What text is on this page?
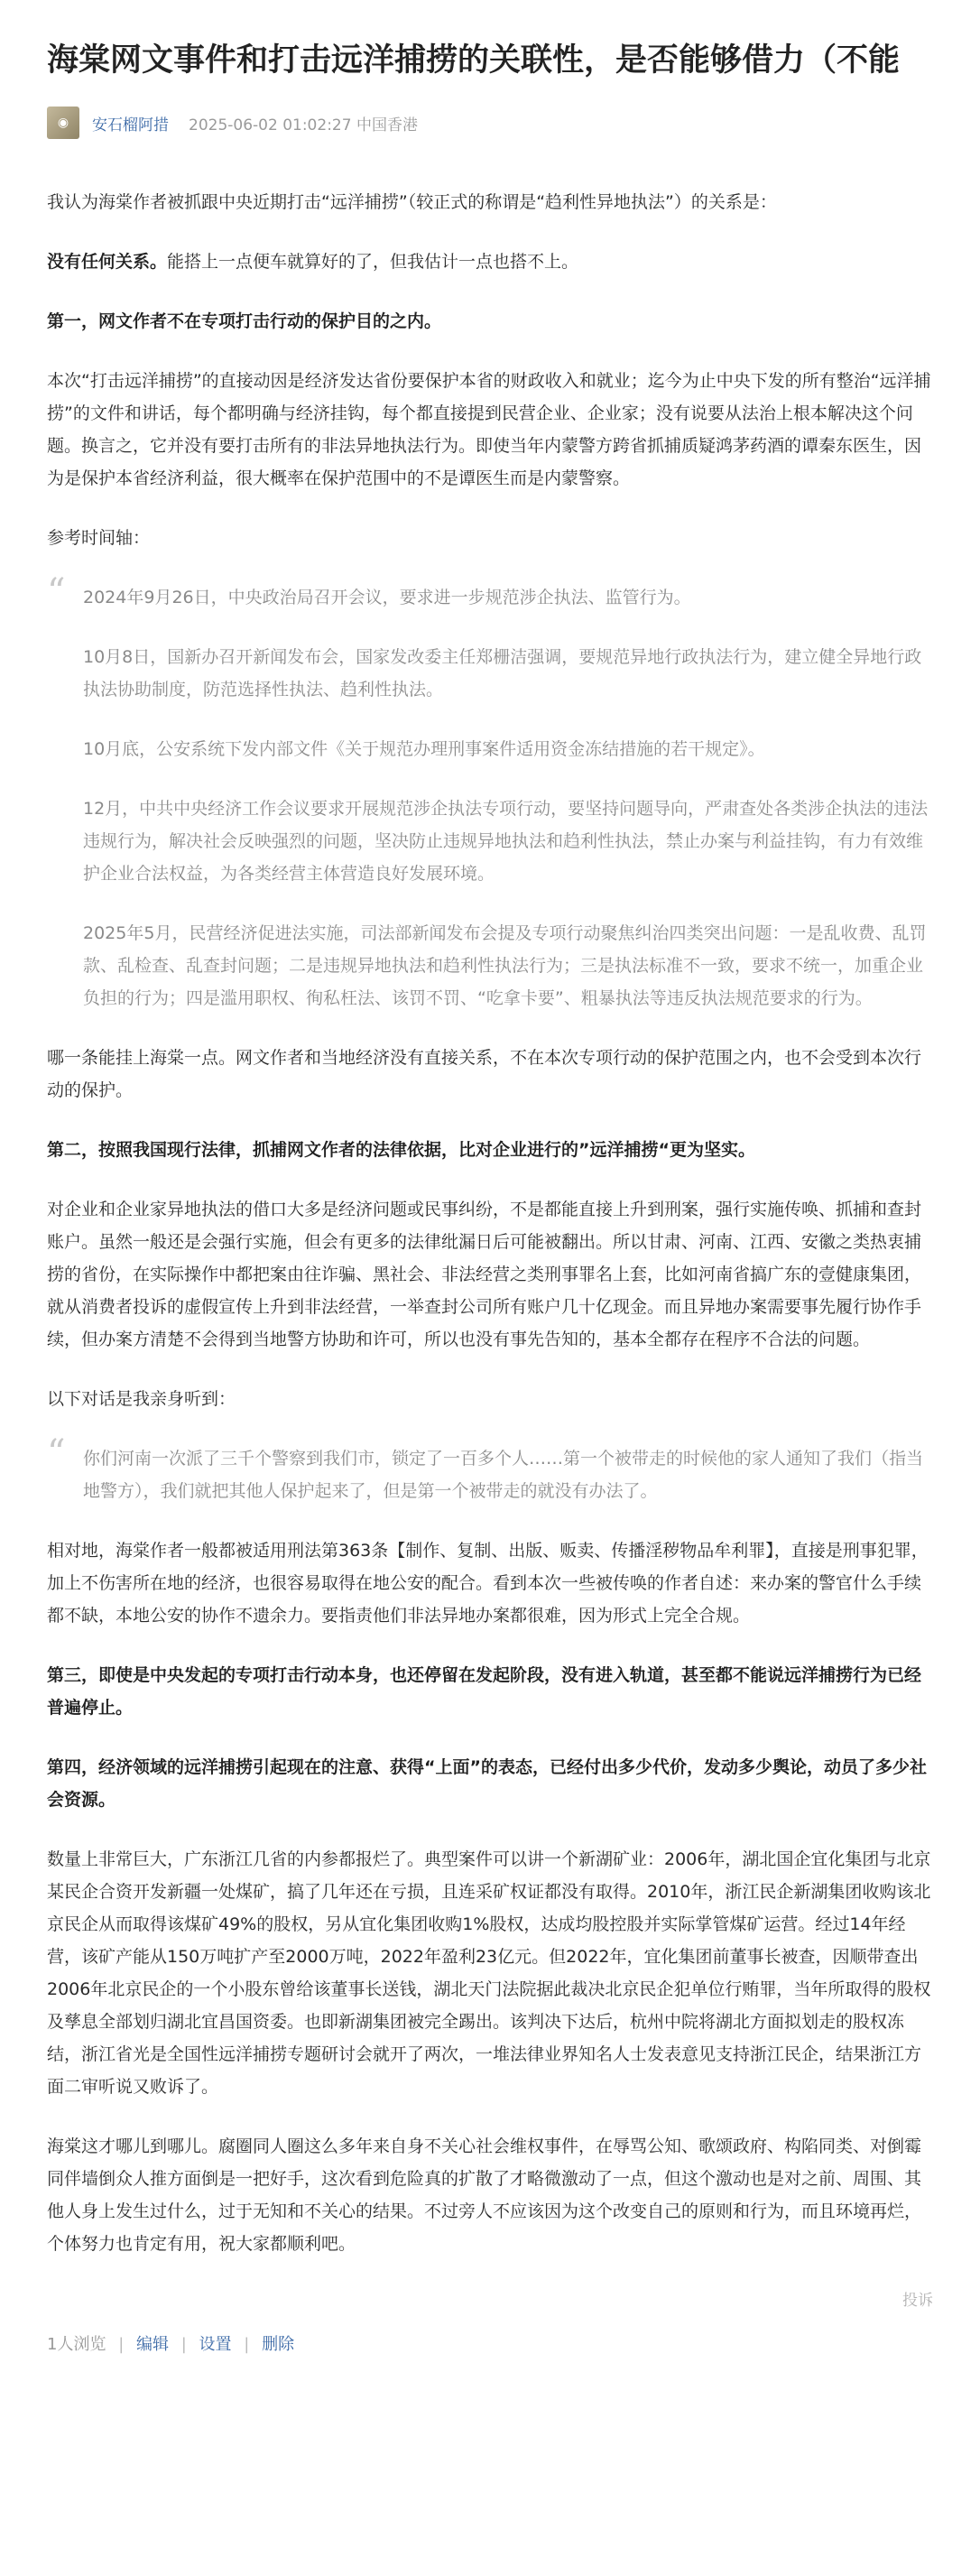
海棠网文事件和打击远洋捕捞的关联性，是否能够借力（不能
◉ 安石榴阿措 2025-06-02 01:02:27 中国香港

我认为海棠作者被抓跟中央近期打击“远洋捕捞”（较正式的称谓是“趋利性异地执法”）的关系是：

没有任何关系。能搭上一点便车就算好的了，但我估计一点也搭不上。

第一，网文作者不在专项打击行动的保护目的之内。

本次“打击远洋捕捞”的直接动因是经济发达省份要保护本省的财政收入和就业；迄今为止中央下发的所有整治“远洋捕捞”的文件和讲话，每个都明确与经济挂钩，每个都直接提到民营企业、企业家；没有说要从法治上根本解决这个问题。换言之，它并没有要打击所有的非法异地执法行为。即使当年内蒙警方跨省抓捕质疑鸿茅药酒的谭秦东医生，因为是保护本省经济利益，很大概率在保护范围中的不是谭医生而是内蒙警察。

参考时间轴：

“ 2024年9月26日，中央政治局召开会议，要求进一步规范涉企执法、监管行为。

10月8日，国新办召开新闻发布会，国家发改委主任郑栅洁强调，要规范异地行政执法行为，建立健全异地行政执法协助制度，防范选择性执法、趋利性执法。

10月底，公安系统下发内部文件《关于规范办理刑事案件适用资金冻结措施的若干规定》。

12月，中共中央经济工作会议要求开展规范涉企执法专项行动，要坚持问题导向，严肃查处各类涉企执法的违法违规行为，解决社会反映强烈的问题，坚决防止违规异地执法和趋利性执法，禁止办案与利益挂钩，有力有效维护企业合法权益，为各类经营主体营造良好发展环境。

2025年5月，民营经济促进法实施，司法部新闻发布会提及专项行动聚焦纠治四类突出问题：一是乱收费、乱罚款、乱检查、乱查封问题；二是违规异地执法和趋利性执法行为；三是执法标准不一致，要求不统一，加重企业负担的行为；四是滥用职权、徇私枉法、该罚不罚、“吃拿卡要”、粗暴执法等违反执法规范要求的行为。

哪一条能挂上海棠一点。网文作者和当地经济没有直接关系，不在本次专项行动的保护范围之内，也不会受到本次行动的保护。

第二，按照我国现行法律，抓捕网文作者的法律依据，比对企业进行的”远洋捕捞“更为坚实。

对企业和企业家异地执法的借口大多是经济问题或民事纠纷，不是都能直接上升到刑案，强行实施传唤、抓捕和查封账户。虽然一般还是会强行实施，但会有更多的法律纰漏日后可能被翻出。所以甘肃、河南、江西、安徽之类热衷捕捞的省份，在实际操作中都把案由往诈骗、黑社会、非法经营之类刑事罪名上套，比如河南省搞广东的壹健康集团，就从消费者投诉的虚假宣传上升到非法经营，一举查封公司所有账户几十亿现金。而且异地办案需要事先履行协作手续，但办案方清楚不会得到当地警方协助和许可，所以也没有事先告知的，基本全都存在程序不合法的问题。

以下对话是我亲身听到：

“ 你们河南一次派了三千个警察到我们市，锁定了一百多个人……第一个被带走的时候他的家人通知了我们（指当地警方），我们就把其他人保护起来了，但是第一个被带走的就没有办法了。

相对地，海棠作者一般都被适用刑法第363条【制作、复制、出版、贩卖、传播淫秽物品牟利罪】，直接是刑事犯罪，加上不伤害所在地的经济，也很容易取得在地公安的配合。看到本次一些被传唤的作者自述：来办案的警官什么手续都不缺，本地公安的协作不遗余力。要指责他们非法异地办案都很难，因为形式上完全合规。

第三，即使是中央发起的专项打击行动本身，也还停留在发起阶段，没有进入轨道，甚至都不能说远洋捕捞行为已经普遍停止。

第四，经济领域的远洋捕捞引起现在的注意、获得“上面”的表态，已经付出多少代价，发动多少舆论，动员了多少社会资源。

数量上非常巨大，广东浙江几省的内参都报烂了。典型案件可以讲一个新湖矿业：2006年，湖北国企宜化集团与北京某民企合资开发新疆一处煤矿，搞了几年还在亏损，且连采矿权证都没有取得。2010年，浙江民企新湖集团收购该北京民企从而取得该煤矿49%的股权，另从宜化集团收购1%股权，达成均股控股并实际掌管煤矿运营。经过14年经营，该矿产能从150万吨扩产至2000万吨，2022年盈利23亿元。但2022年，宜化集团前董事长被查，因顺带查出2006年北京民企的一个小股东曾给该董事长送钱，湖北天门法院据此裁决北京民企犯单位行贿罪，当年所取得的股权及孳息全部划归湖北宜昌国资委。也即新湖集团被完全踢出。该判决下达后，杭州中院将湖北方面拟划走的股权冻结，浙江省光是全国性远洋捕捞专题研讨会就开了两次，一堆法律业界知名人士发表意见支持浙江民企，结果浙江方面二审听说又败诉了。

海棠这才哪儿到哪儿。腐圈同人圈这么多年来自身不关心社会维权事件，在辱骂公知、歌颂政府、构陷同类、对倒霉同伴墙倒众人推方面倒是一把好手，这次看到危险真的扩散了才略微激动了一点，但这个激动也是对之前、周围、其他人身上发生过什么，过于无知和不关心的结果。不过旁人不应该因为这个改变自己的原则和行为，而且环境再烂，个体努力也肯定有用，祝大家都顺利吧。

投诉
1人浏览 | 编辑 | 设置 | 删除
